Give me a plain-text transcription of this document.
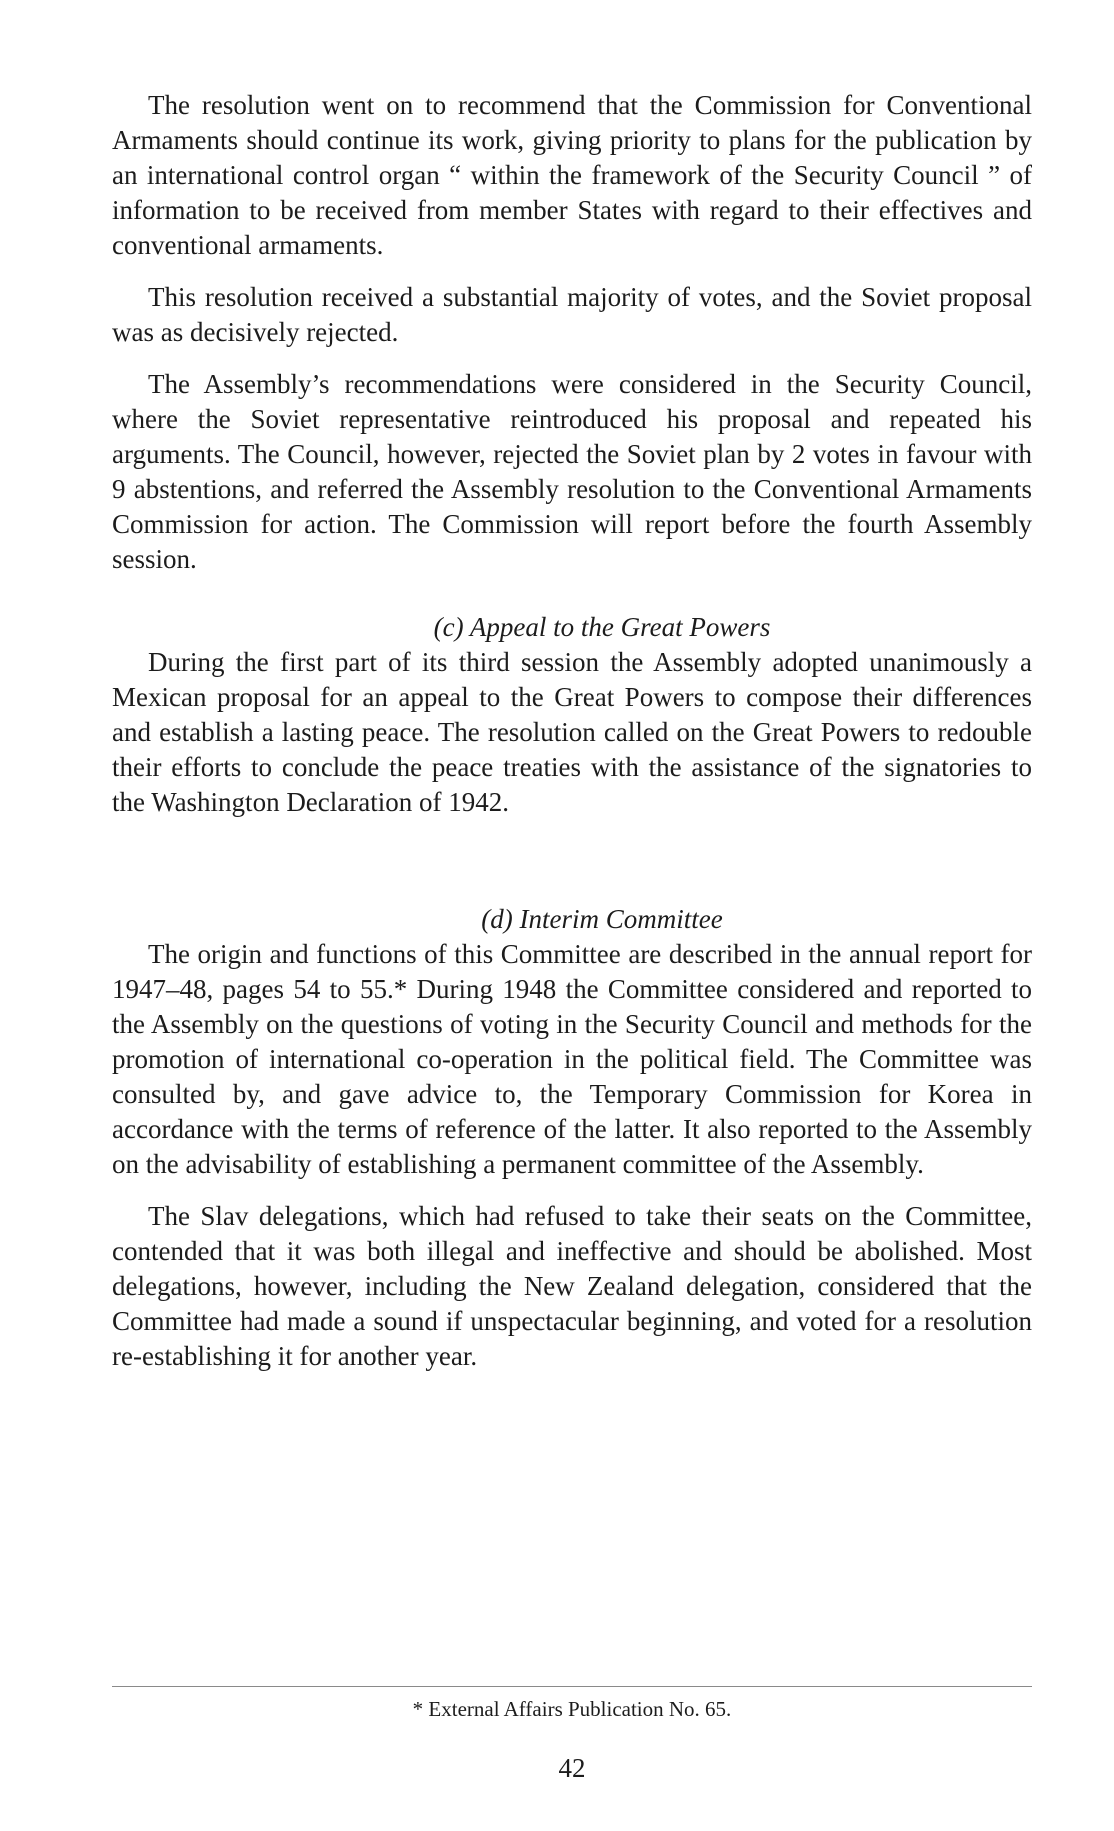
The resolution went on to recommend that the Commission for Conventional Armaments should continue its work, giving priority to plans for the publication by an international control organ “ within the framework of the Security Council ” of information to be received from member States with regard to their effectives and conventional armaments.

This resolution received a substantial majority of votes, and the Soviet proposal was as decisively rejected.

The Assembly’s recommendations were considered in the Security Council, where the Soviet representative reintroduced his proposal and repeated his arguments. The Council, however, rejected the Soviet plan by 2 votes in favour with 9 abstentions, and referred the Assembly resolution to the Conventional Armaments Commission for action. The Commission will report before the fourth Assembly session.

(c) Appeal to the Great Powers

During the first part of its third session the Assembly adopted unanimously a Mexican proposal for an appeal to the Great Powers to compose their differences and establish a lasting peace. The resolution called on the Great Powers to redouble their efforts to conclude the peace treaties with the assistance of the signatories to the Washington Declaration of 1942.

(d) Interim Committee

The origin and functions of this Committee are described in the annual report for 1947–48, pages 54 to 55.* During 1948 the Committee considered and reported to the Assembly on the questions of voting in the Security Council and methods for the promotion of international co-operation in the political field. The Committee was consulted by, and gave advice to, the Temporary Commission for Korea in accordance with the terms of reference of the latter. It also reported to the Assembly on the advisability of establishing a permanent committee of the Assembly.

The Slav delegations, which had refused to take their seats on the Committee, contended that it was both illegal and ineffective and should be abolished. Most delegations, however, including the New Zealand delegation, considered that the Committee had made a sound if unspectacular beginning, and voted for a resolution re-establishing it for another year.

* External Affairs Publication No. 65.
42
